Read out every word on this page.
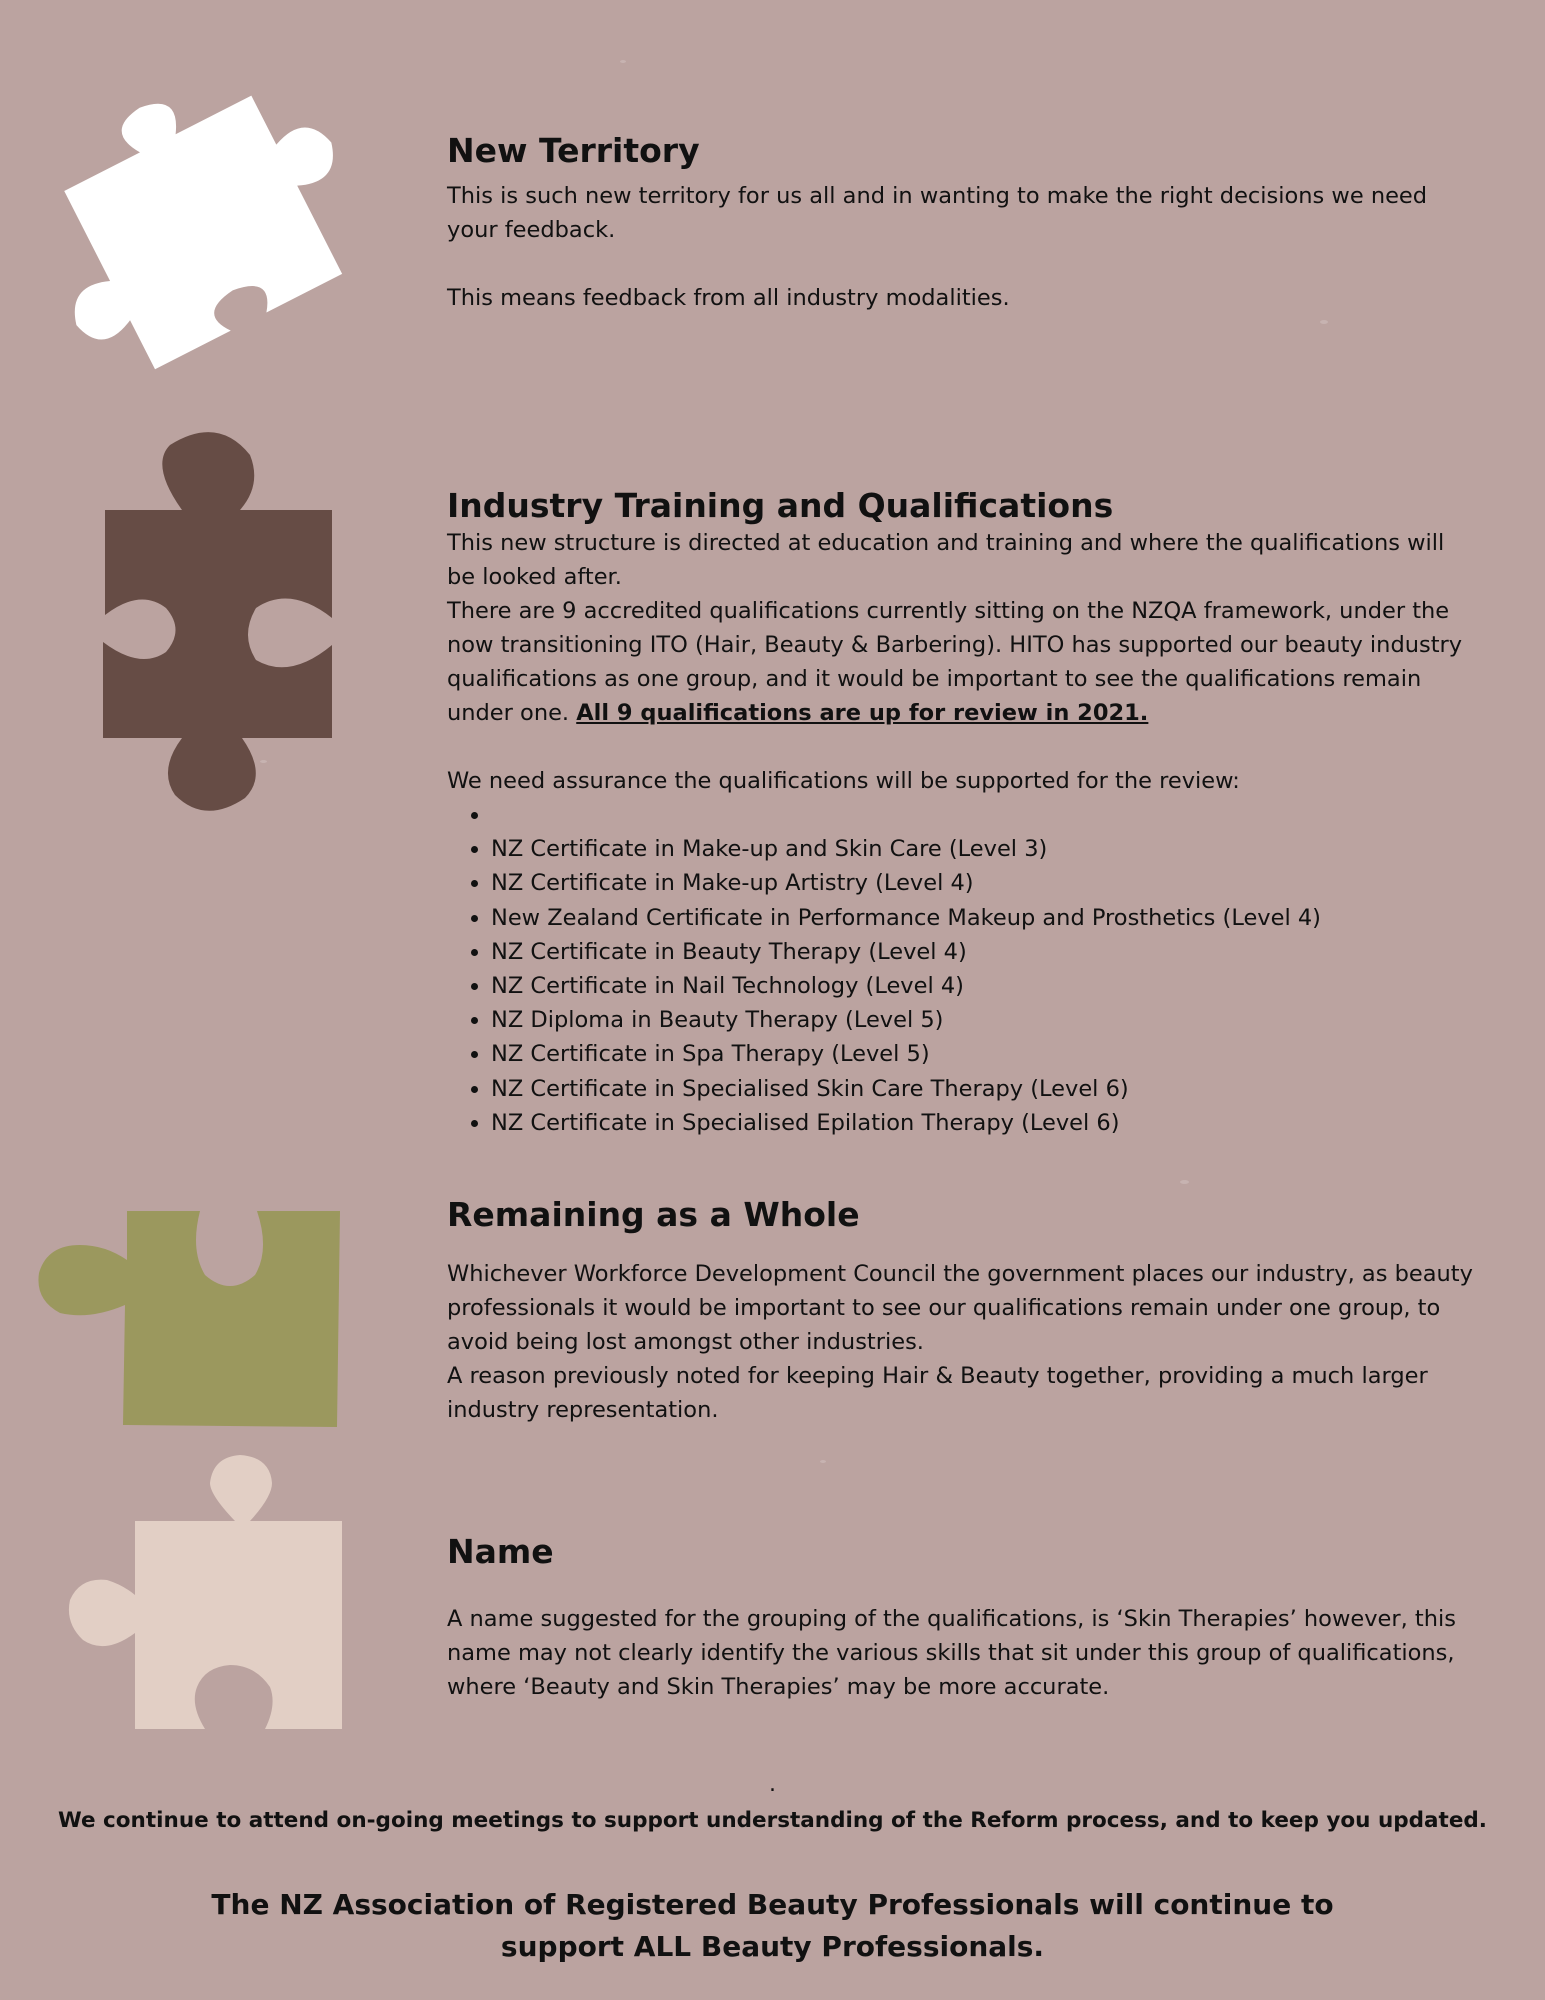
New Territory

This is such new territory for us all and in wanting to make the right decisions we need your feedback.

This means feedback from all industry modalities.

Industry Training and Qualifications

This new structure is directed at education and training and where the qualifications will be looked after.

There are 9 accredited qualifications currently sitting on the NZQA framework, under the now transitioning ITO (Hair, Beauty & Barbering). HITO has supported our beauty industry qualifications as one group, and it would be important to see the qualifications remain under one. All 9 qualifications are up for review in 2021.

We need assurance the qualifications will be supported for the review:

•
• NZ Certificate in Make-up and Skin Care (Level 3)
• NZ Certificate in Make-up Artistry (Level 4)
• New Zealand Certificate in Performance Makeup and Prosthetics (Level 4)
• NZ Certificate in Beauty Therapy (Level 4)
• NZ Certificate in Nail Technology (Level 4)
• NZ Diploma in Beauty Therapy (Level 5)
• NZ Certificate in Spa Therapy (Level 5)
• NZ Certificate in Specialised Skin Care Therapy (Level 6)
• NZ Certificate in Specialised Epilation Therapy (Level 6)
Remaining as a Whole

Whichever Workforce Development Council the government places our industry, as beauty professionals it would be important to see our qualifications remain under one group, to avoid being lost amongst other industries.

A reason previously noted for keeping Hair & Beauty together, providing a much larger industry representation.

Name

A name suggested for the grouping of the qualifications, is ‘Skin Therapies’ however, this name may not clearly identify the various skills that sit under this group of qualifications, where ‘Beauty and Skin Therapies’ may be more accurate.

.
We continue to attend on-going meetings to support understanding of the Reform process, and to keep you updated.
The NZ Association of Registered Beauty Professionals will continue to support ALL Beauty Professionals.
